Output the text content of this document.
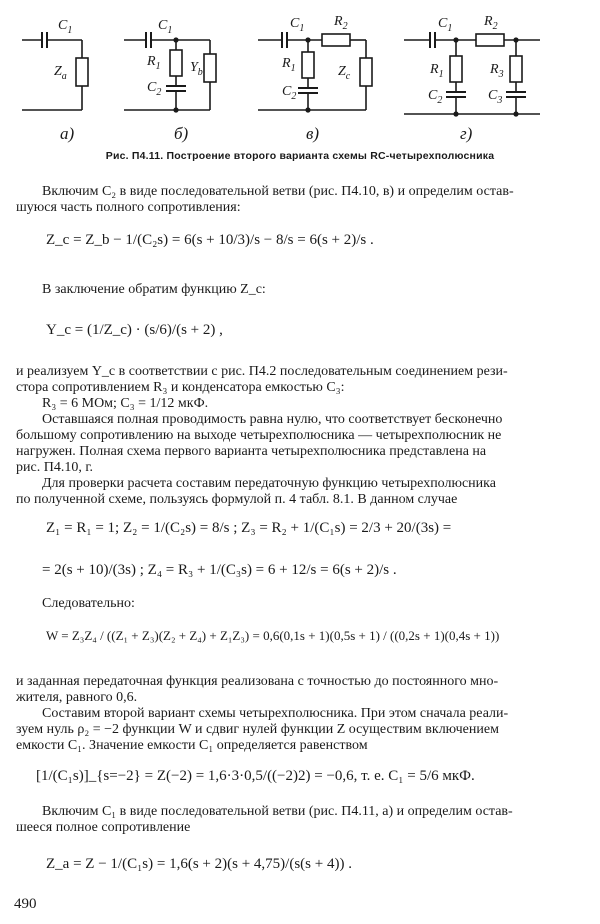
$C_1$
$Z_a$
а)
$C_1$
$R_1$
$C_2$
$Y_b$
б)
$C_1$ $R_2$
$R_1$
$C_2$
$Z_c$
в)
$C_1$ $R_2$
$R_1$
$C_2$
$R_3$
$C_3$
г)
Рис. П4.11. Построение второго варианта схемы RC-четырехполюсника
Включим C₂ в виде последовательной ветви (рис. П4.10, в) и определим остав-
шуюся часть полного сопротивления:
Z_c = Z_b − 1/(C₂s) = 6(s + 10/3)/s − 8/s = 6(s + 2)/s .
В заключение обратим функцию Z_c:
Y_c = (1/Z_c) · (s/6)/(s + 2) ,
и реализуем Y_c в соответствии с рис. П4.2 последовательным соединением рези-
стора сопротивлением R₃ и конденсатора емкостью C₃:
R₃ = 6 МОм; C₃ = 1/12 мкФ.
Оставшаяся полная проводимость равна нулю, что соответствует бесконечно
большому сопротивлению на выходе четырехполюсника — четырехполюсник не
нагружен. Полная схема первого варианта четырехполюсника представлена на
рис. П4.10, г.
Для проверки расчета составим передаточную функцию четырехполюсника
по полученной схеме, пользуясь формулой п. 4 табл. 8.1. В данном случае
Z₁ = R₁ = 1; Z₂ = 1/(C₂s) = 8/s ; Z₃ = R₂ + 1/(C₁s) = 2/3 + 20/(3s) =
= 2(s + 10)/(3s) ; Z₄ = R₃ + 1/(C₃s) = 6 + 12/s = 6(s + 2)/s .
Следовательно:
W = Z₃Z₄ / ((Z₁ + Z₃)(Z₂ + Z₄) + Z₁Z₃) = 0,6(0,1s + 1)(0,5s + 1) / ((0,2s + 1)(0,4s + 1))
и заданная передаточная функция реализована с точностью до постоянного мно-
жителя, равного 0,6.
Составим второй вариант схемы четырехполюсника. При этом сначала реали-
зуем нуль ρ₂ = −2 функции W и сдвиг нулей функции Z осуществим включением
емкости C₁. Значение емкости C₁ определяется равенством
[1/(C₁s)]_{s=−2} = Z(−2) = 1,6·3·0,5/((−2)2) = −0,6, т. е. C₁ = 5/6 мкФ.
Включим C₁ в виде последовательной ветви (рис. П4.11, а) и определим остав-
шееся полное сопротивление
Z_a = Z − 1/(C₁s) = 1,6(s + 2)(s + 4,75)/(s(s + 4)) .
490
